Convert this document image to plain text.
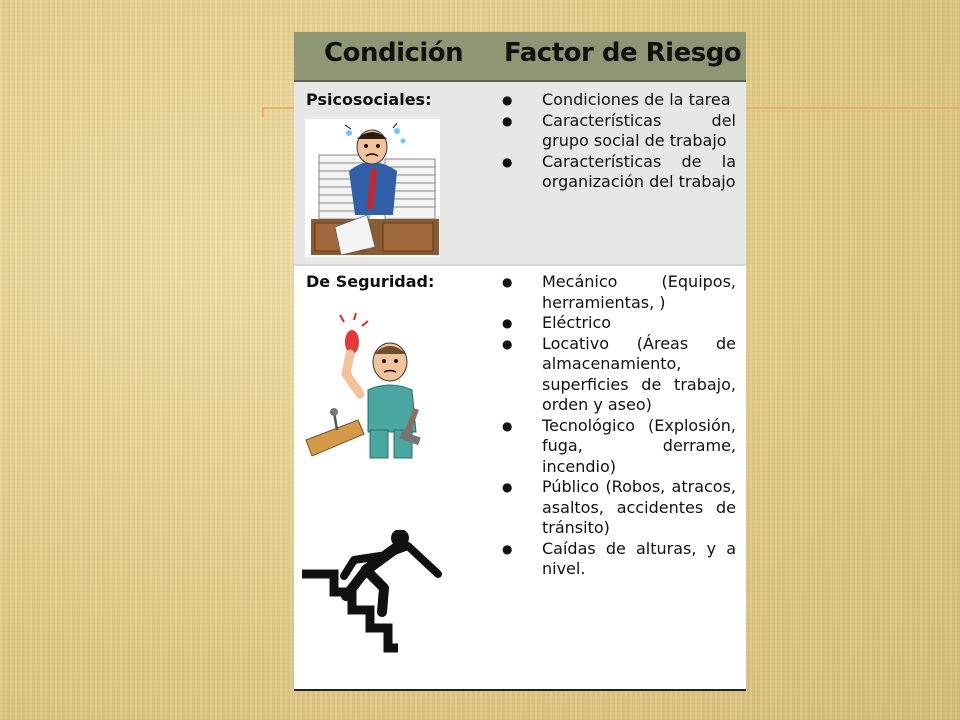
Condición Factor de Riesgo
Psicosociales:	● Condiciones de la tarea
● Características del grupo social de trabajo
● Características de la organización del trabajo
De Seguridad:	● Mecánico (Equipos, herramientas, )
● Eléctrico
● Locativo (Áreas de almacenamiento, superficies de trabajo, orden y aseo)
● Tecnológico (Explosión, fuga, derrame, incendio)
● Público (Robos, atracos, asaltos, accidentes de tránsito)
● Caídas de alturas, y a nivel.
